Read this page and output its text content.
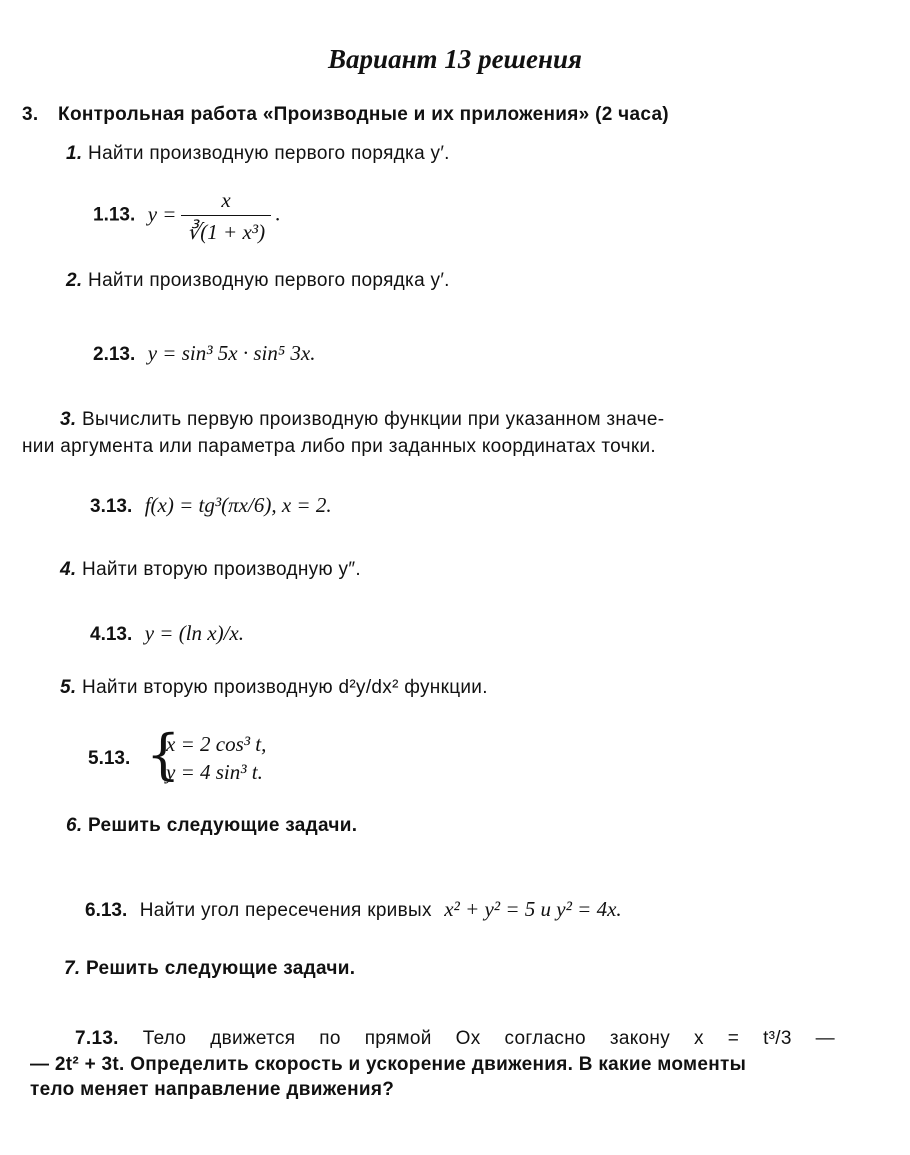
Вариант 13 решения
3. Контрольная работа «Производные и их приложения» (2 часа)
1. Найти производную первого порядка y′.
1.13. $y = \frac{x}{\text{∛(1 + x³)}}$ .
2. Найти производную первого порядка y′.
2.13. y = sin³ 5x · sin⁵ 3x.
3. Вычислить первую производную функции при указанном значе-
нии аргумента или параметра либо при заданных координатах точки.
3.13. f(x) = tg³(πx/6), x = 2.
4. Найти вторую производную y″.
4.13. y = (ln x)/x.
5. Найти вторую производную d²y/dx² функции.
5.13. {
x = 2 cos³ t,
y = 4 sin³ t.
6. Решить следующие задачи.
6.13. Найти угол пересечения кривых x² + y² = 5 и y² = 4x.
7. Решить следующие задачи.
7.13. Тело движется по прямой Ox согласно закону x = t³/3 —
— 2t² + 3t. Определить скорость и ускорение движения. В какие моменты
тело меняет направление движения?
